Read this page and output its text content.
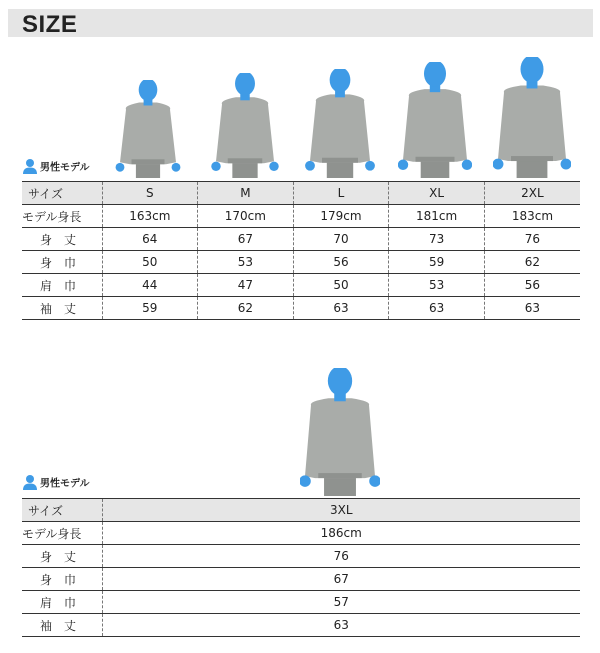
SIZE
男性モデル
サイズ	S	M	L	XL	2XL
モデル身長	163cm	170cm	179cm	181cm	183cm
身　丈	64	67	70	73	76
身　巾	50	53	56	59	62
肩　巾	44	47	50	53	56
袖　丈	59	62	63	63	63
男性モデル
サイズ	3XL
モデル身長	186cm
身　丈	76
身　巾	67
肩　巾	57
袖　丈	63
